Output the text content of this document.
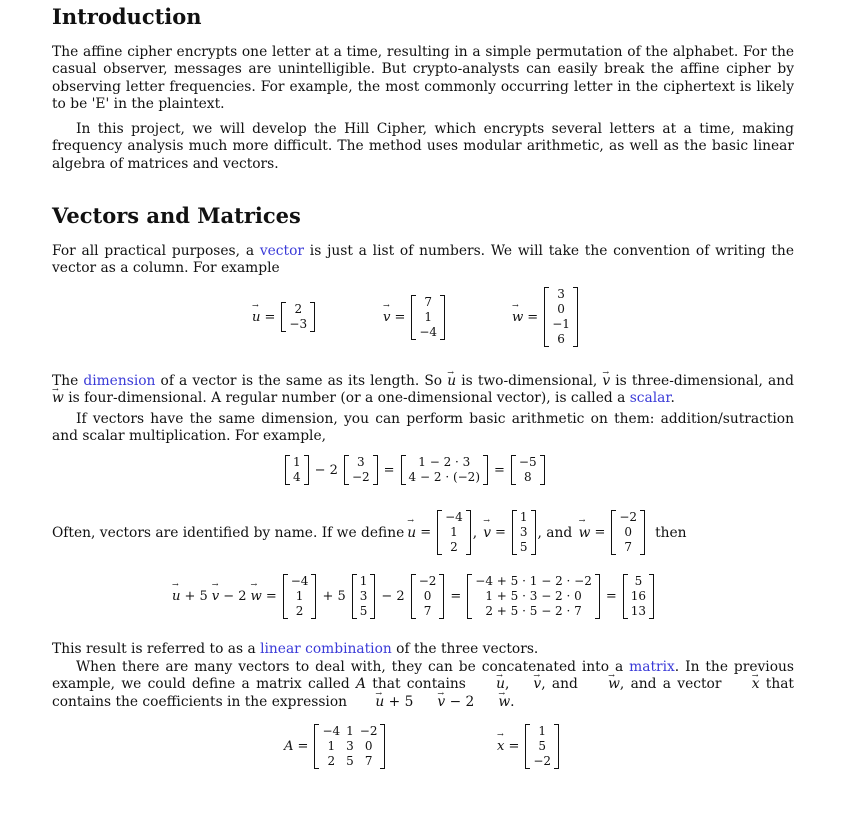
Introduction

The affine cipher encrypts one letter at a time, resulting in a simple permutation of the alphabet. For the casual observer, messages are unintelligible. But crypto-analysts can easily break the affine cipher by observing letter frequencies. For example, the most commonly occurring letter in the ciphertext is likely to be 'E' in the plaintext.

In this project, we will develop the Hill Cipher, which encrypts several letters at a time, making frequency analysis much more difficult. The method uses modular arithmetic, as well as the basic linear algebra of matrices and vectors.

Vectors and Matrices

For all practical purposes, a vector is just a list of numbers. We will take the convention of writing the vector as a column. For example

u → =
2
−3	v → =
7
1
−4
w → =
3
0
−1
6

The dimension of a vector is the same as its length. So u → is two-dimensional, v → is three-dimensional, and w → is four-dimensional. A regular number (or a one-dimensional vector), is called a scalar.

If vectors have the same dimension, you can perform basic arithmetic on them: addition/sutraction and scalar multiplication. For example,

1
4 − 2
3
−2 =
1 − 2 · 3
4 − 2 · (−2) =
−5
8
Often, vectors are identified by name. If we define u → =
−4
1
2
, v → =
1
3
5
, and w → =
−2
0
7
then
u → + 5 v → − 2 w → =
−4
1
2
+ 5
1
3
5
− 2
−2
0
7
=
−4 + 5 · 1 − 2 · −2
1 + 5 · 3 − 2 · 0
2 + 5 · 5 − 2 · 7
=
5
16
13

This result is referred to as a linear combination of the three vectors.

When there are many vectors to deal with, they can be concatenated into a matrix. In the previous example, we could define a matrix called A that contains u →, v →, and w →, and a vector x → that contains the coefficients in the expression u → + 5 v → − 2 w →.

A =
−4	1	−2
1	3	0
2	5	7
x → =
1
5
−2
